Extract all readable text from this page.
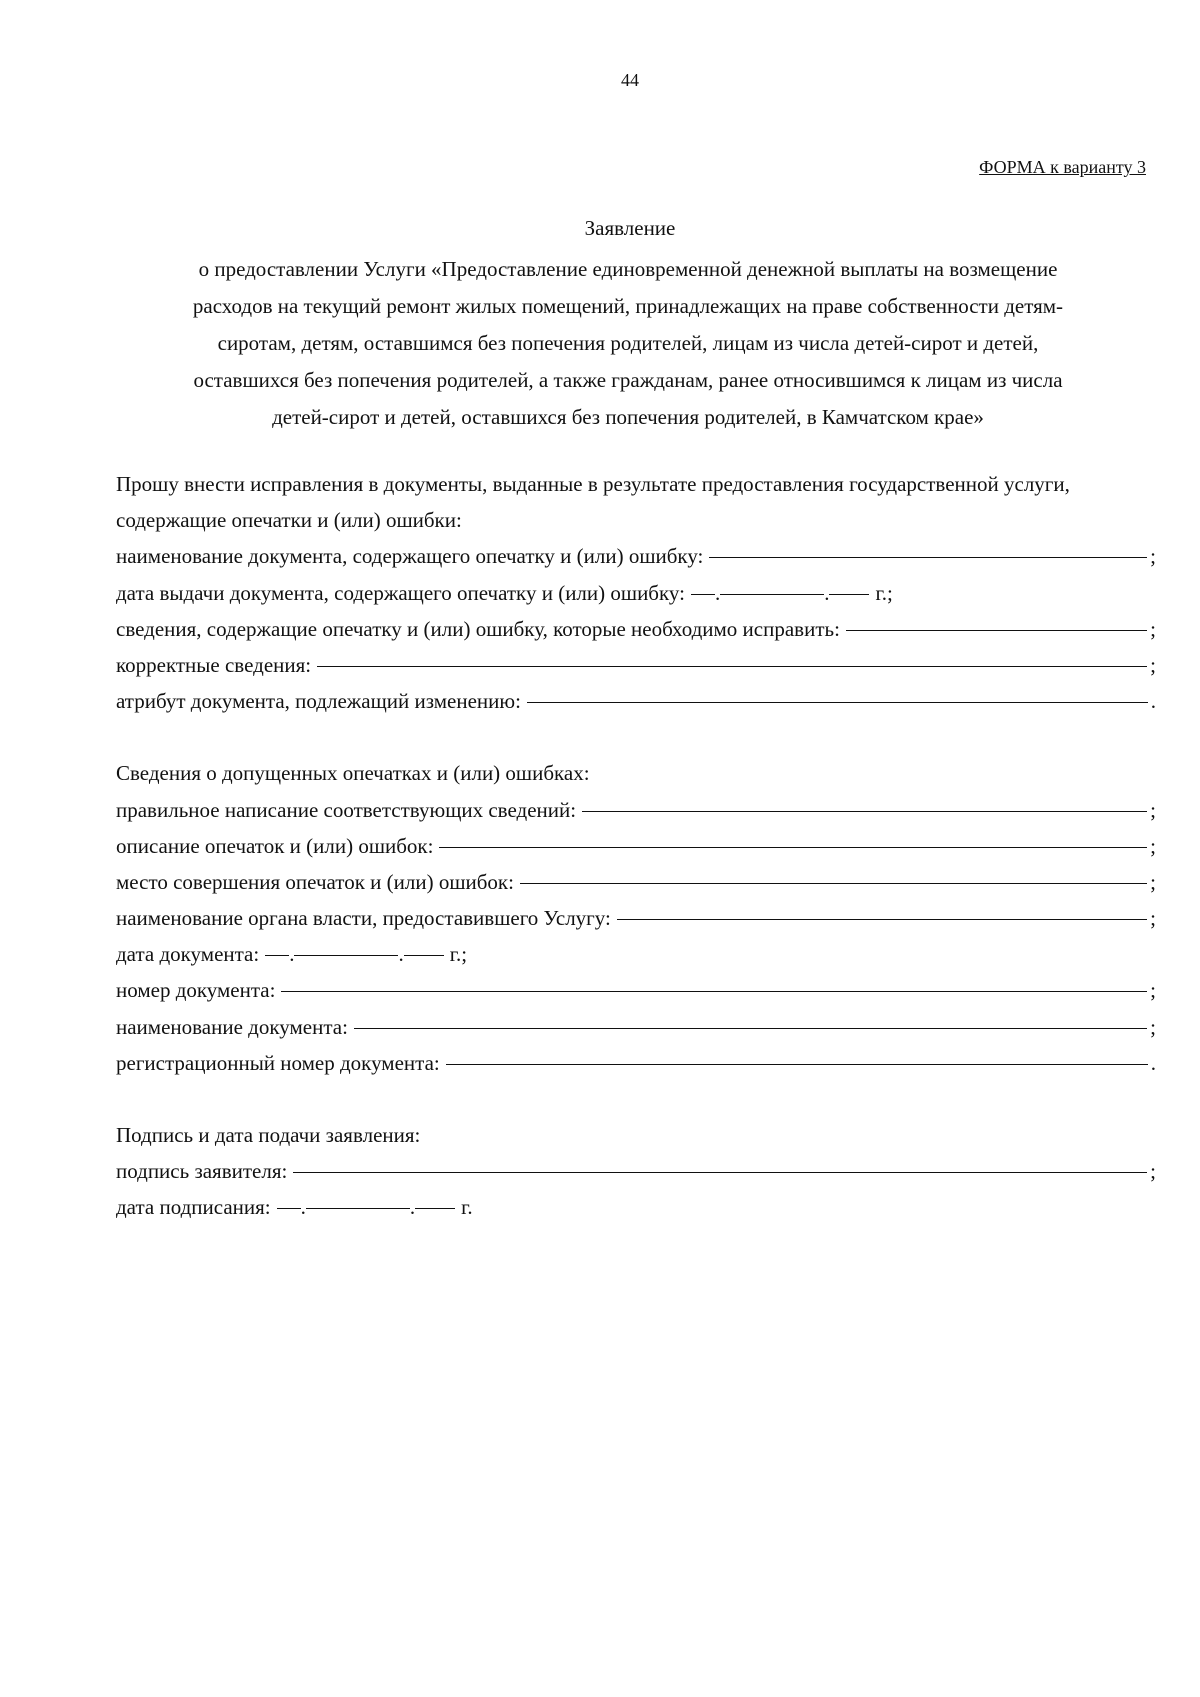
44
ФОРМА к варианту 3
Заявление
о предоставлении Услуги «Предоставление единовременной денежной выплаты на возмещение
расходов на текущий ремонт жилых помещений, принадлежащих на праве собственности детям-
сиротам, детям, оставшимся без попечения родителей, лицам из числа детей-сирот и детей,
оставшихся без попечения родителей, а также гражданам, ранее относившимся к лицам из числа
детей-сирот и детей, оставшихся без попечения родителей, в Камчатском крае»
Прошу внести исправления в документы, выданные в результате предоставления государственной услуги, содержащие опечатки и (или) ошибки:
наименование документа, содержащего опечатку и (или) ошибку:	;
дата выдачи документа, содержащего опечатку и (или) ошибку: .	. г.;
сведения, содержащие опечатку и (или) ошибку, которые необходимо исправить:	;
корректные сведения:	;
атрибут документа, подлежащий изменению:	.
Сведения о допущенных опечатках и (или) ошибках:
правильное написание соответствующих сведений:	;
описание опечаток и (или) ошибок:	;
место совершения опечаток и (или) ошибок:	;
наименование органа власти, предоставившего Услугу:	;
дата документа: .	. г.;
номер документа:	;
наименование документа:	;
регистрационный номер документа:	.
Подпись и дата подачи заявления:
подпись заявителя:	;
дата подписания: .	. г.
